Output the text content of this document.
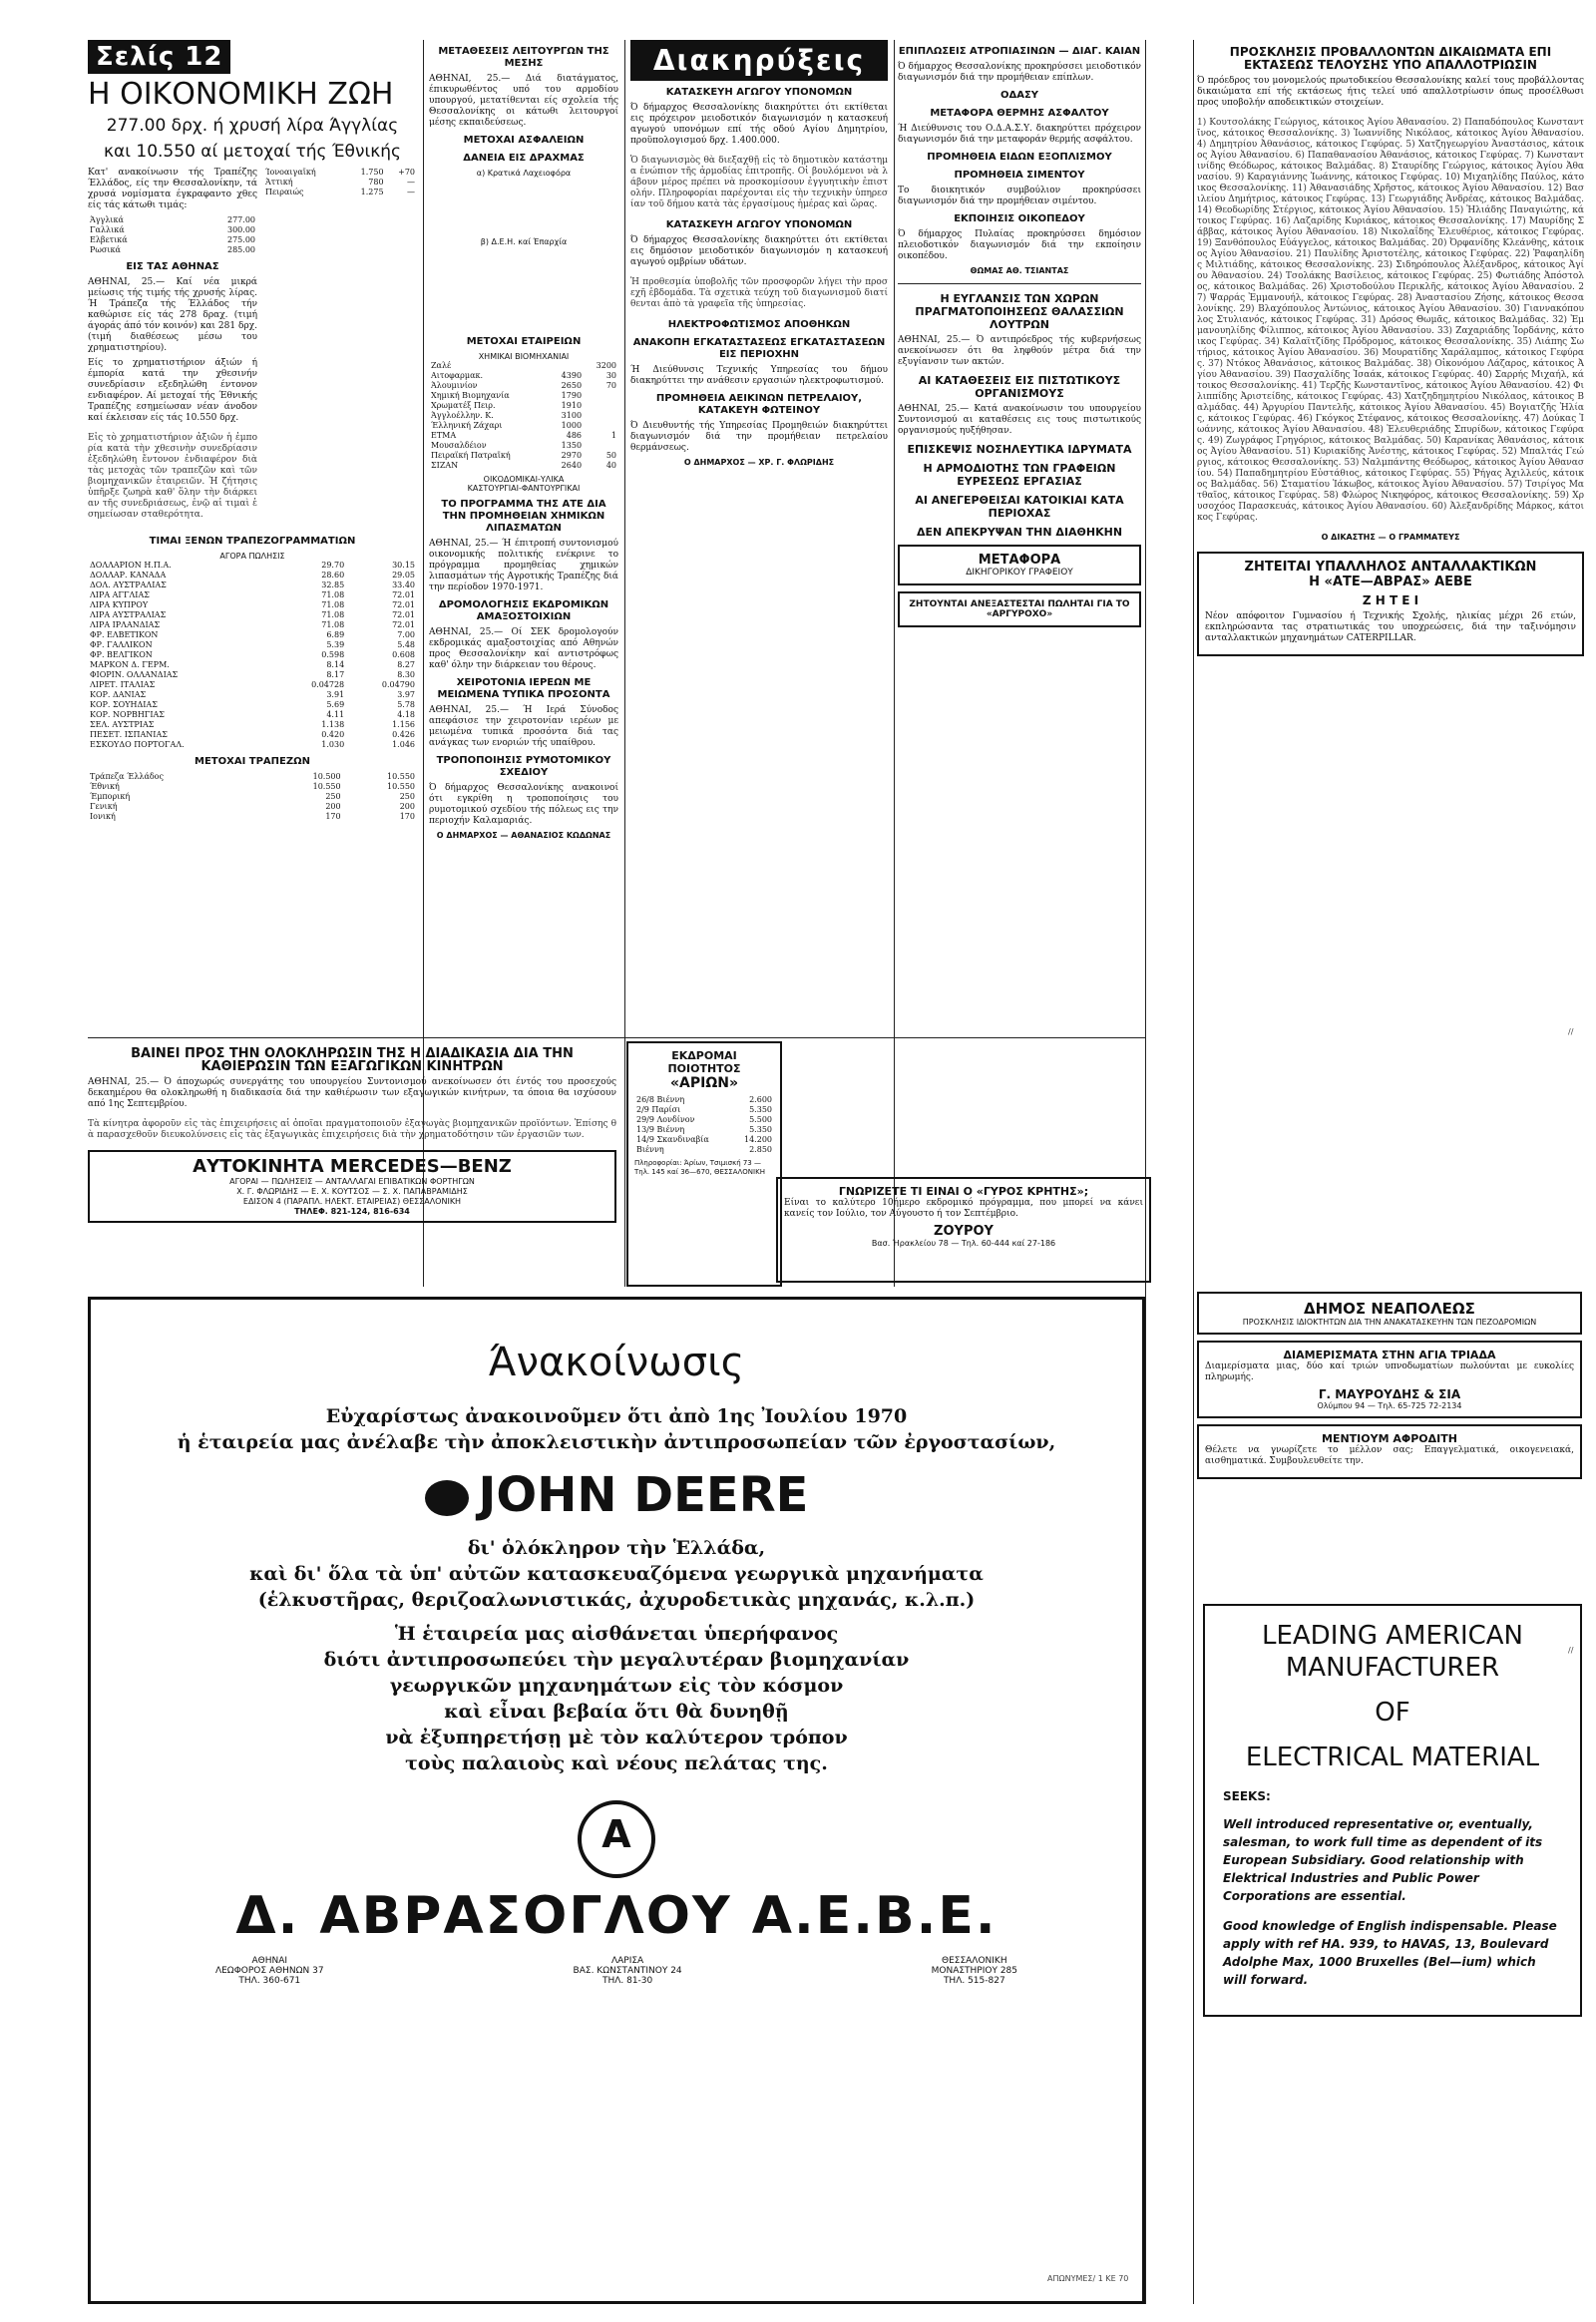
Σελίς 12
Η ΟΙΚΟΝΟΜΙΚΗ ΖΩΗ
277.00 δρχ. ή χρυσή λίρα Άγγλίας
και 10.550 αί μετοχαί τής Έθνικής

Κατ' ανακοίνωσιν τής Τραπέζης Έλλάδος, είς την Θεσσαλονίκην, τά χρυσά νομίσματα έγκραφαντο χθες είς τάς κάτωθι τιμάς:

Άγγλικά	277.00
Γαλλικά	300.00
Ελβετικά	275.00
Ρωσικά	285.00
ΕΙΣ ΤΑΣ ΑΘΗΝΑΣ

ΑΘΗΝΑΙ, 25.— Καί νέα μικρά μείωσις τής τιμής τής χρυσής λίρας. Ή Τράπεζα τής Έλλάδος τήν καθώρισε είς τάς 278 δραχ. (τιμή άγοράς άπό τόν κοινόν) και 281 δρχ. (τιμή διαθέσεως μέσω του χρηματιστηρίου).

Είς το χρηματιστήριον άξιών ή έμπορία κατά την χθεσινήν συνεδρίασιν εξεδηλώθη έντονον ενδιαφέρον. Αί μετοχαί τής Έθνικής Τραπέζης εσημείωσαν νέαν άνοδον καί έκλεισαν είς τάς 10.550 δρχ.

Εἰς τὸ χρηματιστήριον ἀξιῶν ἡ ἐμπορία κατὰ τὴν χθεσινὴν συνεδρίασιν ἐξεδηλώθη ἔντονον ἐνδιαφέρον διὰ τὰς μετοχὰς τῶν τραπεζῶν καὶ τῶν βιομηχανικῶν ἑταιρειῶν. Ἡ ζήτησις ὑπῆρξε ζωηρὰ καθ' ὅλην τὴν διάρκειαν τῆς συνεδριάσεως, ἐνῷ αἱ τιμαὶ ἐσημείωσαν σταθερότητα.

Ίονοαιγαϊκή	1.750	+70
Άττική	780	—
Πειραιώς	1.275	—
ΤΙΜΑΙ ΞΕΝΩΝ ΤΡΑΠΕΖΟΓΡΑΜΜΑΤΙΩΝ
ΑΓΟΡΑ ΠΩΛΗΣΙΣ
ΔΟΛΛΑΡΙΟΝ Η.Π.Α.	29.70	30.15
ΔΟΛΛΑΡ. ΚΑΝΑΔΑ	28.60	29.05
ΔΟΛ. ΑΥΣΤΡΑΛΙΑΣ	32.85	33.40
ΛΙΡΑ ΑΓΓΛΙΑΣ	71.08	72.01
ΛΙΡΑ ΚΥΠΡΟΥ	71.08	72.01
ΛΙΡΑ ΑΥΣΤΡΑΛΙΑΣ	71.08	72.01
ΛΙΡΑ ΙΡΛΑΝΔΙΑΣ	71.08	72.01
ΦΡ. ΕΛΒΕΤΙΚΟΝ	6.89	7.00
ΦΡ. ΓΑΛΛΙΚΟΝ	5.39	5.48
ΦΡ. ΒΕΛΓΙΚΟΝ	0.598	0.608
ΜΑΡΚΟΝ Δ. ΓΕΡΜ.	8.14	8.27
ΦΙΟΡΙΝ. ΟΛΛΑΝΔΙΑΣ	8.17	8.30
ΛΙΡΕΤ. ΙΤΑΛΙΑΣ	0.04728	0.04790
ΚΟΡ. ΔΑΝΙΑΣ	3.91	3.97
ΚΟΡ. ΣΟΥΗΔΙΑΣ	5.69	5.78
ΚΟΡ. ΝΟΡΒΗΓΙΑΣ	4.11	4.18
ΣΕΛ. ΑΥΣΤΡΙΑΣ	1.138	1.156
ΠΕΣΕΤ. ΙΣΠΑΝΙΑΣ	0.420	0.426
ΕΣΚΟΥΔΟ ΠΟΡΤΟΓΑΛ.	1.030	1.046
ΜΕΤΟΧΑΙ ΤΡΑΠΕΖΩΝ
Τράπεζα Έλλάδος	10.500	10.550
Έθνική	10.550	10.550
Έμπορική	250	250
Γενική	200	200
Ιονική	170	170
ΜΕΤΑΘΕΣΕΙΣ ΛΕΙΤΟΥΡΓΩΝ ΤΗΣ ΜΕΣΗΣ

ΑΘΗΝΑΙ, 25.— Διά διατάγματος, έπικυρωθέντος υπό του αρμοδίου υπουργού, μετατίθενται είς σχολεία τής Θεσσαλονίκης οι κάτωθι λειτουργοί μέσης εκπαιδεύσεως.

ΜΕΤΟΧΑΙ ΑΣΦΑΛΕΙΩΝ
ΔΑΝΕΙΑ ΕΙΣ ΔΡΑΧΜΑΣ
α) Κρατικά Λαχειοφόρα
β) Δ.Ε.Η. καί Έπαρχία
ΜΕΤΟΧΑΙ ΕΤΑΙΡΕΙΩΝ
ΧΗΜΙΚΑΙ ΒΙΟΜΗΧΑΝΙΑΙ
Ζαλέ		3200
Αιτοφαρμακ.	4390	30
Άλουμινίον	2650	70
Χημική Βιομηχανία	1790	
Χρωματέξ Πειρ.	1910	
Άγγλοέλλην. Κ.	3100	
Έλληνική Ζάχαρι	1000	
ΕΤΜΑ	486	1
Μουσαλδέιον	1350	
Πειραϊκή Πατραϊκή	2970	50
ΣΙΖΑΝ	2640	40
ΟΙΚΟΔΟΜΙΚΑΙ-ΥΛΙΚΑ
ΚΑΣΤΟΥΡΓΙΑΙ-ΦΑΝΤΟΥΡΓΙΚΑΙ
ΤΟ ΠΡΟΓΡΑΜΜΑ ΤΗΣ ΑΤΕ ΔΙΑ ΤΗΝ ΠΡΟΜΗΘΕΙΑΝ ΧΗΜΙΚΩΝ ΛΙΠΑΣΜΑΤΩΝ

ΑΘΗΝΑΙ, 25.— Ή έπιτροπή συντονισμού οικονομικής πολιτικής ενέκρινε το πρόγραμμα προμηθείας χημικών λιπασμάτων τής Αγροτικής Τραπέζης διά την περίοδον 1970-1971.

ΔΡΟΜΟΛΟΓΗΣΙΣ ΕΚΔΡΟΜΙΚΩΝ ΑΜΑΞΟΣΤΟΙΧΙΩΝ

ΑΘΗΝΑΙ, 25.— Οί ΣΕΚ δρομολογούν εκδρομικάς αμαξοστοιχίας από Αθηνών προς Θεσσαλονίκην καί αντιστρόφως καθ' όλην την διάρκειαν του θέρους.

ΧΕΙΡΟΤΟΝΙΑ ΙΕΡΕΩΝ ΜΕ ΜΕΙΩΜΕΝΑ ΤΥΠΙΚΑ ΠΡΟΣΟΝΤΑ

ΑΘΗΝΑΙ, 25.— Ή Ιερά Σύνοδος απεφάσισε την χειροτονίαν ιερέων με μειωμένα τυπικά προσόντα διά τας ανάγκας των ενοριών τής υπαίθρου.

ΤΡΟΠΟΠΟΙΗΣΙΣ ΡΥΜΟΤΟΜΙΚΟΥ ΣΧΕΔΙΟΥ

Ό δήμαρχος Θεσσαλονίκης ανακοινοί ότι εγκρίθη η τροποποίησις του ρυμοτομικού σχεδίου τής πόλεως εις την περιοχήν Καλαμαριάς.

Ο ΔΗΜΑΡΧΟΣ — ΑΘΑΝΑΣΙΟΣ ΚΩΔΩΝΑΣ
Διακηρύξεις
ΚΑΤΑΣΚΕΥΗ ΑΓΩΓΟΥ ΥΠΟΝΟΜΩΝ

Ό δήμαρχος Θεσσαλονίκης διακηρύττει ότι εκτίθεται εις πρόχειρον μειοδοτικόν διαγωνισμόν η κατασκευή αγωγού υπονόμων επί τής οδού Αγίου Δημητρίου, προϋπολογισμού δρχ. 1.400.000.

Ὁ διαγωνισμὸς θὰ διεξαχθῇ εἰς τὸ δημοτικὸν κατάστημα ἐνώπιον τῆς ἁρμοδίας ἐπιτροπῆς. Οἱ βουλόμενοι νὰ λάβουν μέρος πρέπει νὰ προσκομίσουν ἐγγυητικὴν ἐπιστολήν. Πληροφορίαι παρέχονται εἰς τὴν τεχνικὴν ὑπηρεσίαν τοῦ δήμου κατὰ τὰς ἐργασίμους ἡμέρας καὶ ὥρας.

ΚΑΤΑΣΚΕΥΗ ΑΓΩΓΟΥ ΥΠΟΝΟΜΩΝ

Ό δήμαρχος Θεσσαλονίκης διακηρύττει ότι εκτίθεται εις δημόσιον μειοδοτικόν διαγωνισμόν η κατασκευή αγωγού ομβρίων υδάτων.

Ἡ προθεσμία ὑποβολῆς τῶν προσφορῶν λήγει τὴν προσεχῆ ἑβδομάδα. Τὰ σχετικὰ τεύχη τοῦ διαγωνισμοῦ διατίθενται ἀπὸ τὰ γραφεῖα τῆς ὑπηρεσίας.

ΗΛΕΚΤΡΟΦΩΤΙΣΜΟΣ ΑΠΟΘΗΚΩΝ
ΑΝΑΚΟΠΗ ΕΓΚΑΤΑΣΤΑΣΕΩΣ ΕΓΚΑΤΑΣΤΑΣΕΩΝ ΕΙΣ ΠΕΡΙΟΧΗΝ

Ή Διεύθυνσις Τεχνικής Υπηρεσίας του δήμου διακηρύττει την ανάθεσιν εργασιών ηλεκτροφωτισμού.

ΠΡΟΜΗΘΕΙΑ ΑΕΙΚΙΝΩΝ ΠΕΤΡΕΛΑΙΟΥ, ΚΑΤΑΚΕΥΗ ΦΩΤΕΙΝΟΥ

Ό Διευθυντής τής Υπηρεσίας Προμηθειών διακηρύττει διαγωνισμόν διά την προμήθειαν πετρελαίου θερμάνσεως.

Ο ΔΗΜΑΡΧΟΣ — ΧΡ. Γ. ΦΛΩΡΙΔΗΣ
ΕΠΙΠΛΩΣΕΙΣ ΑΤΡΟΠΙΑΣΙΝΩΝ — ΔΙΑΓ. ΚΑΙΑΝ

Ό δήμαρχος Θεσσαλονίκης προκηρύσσει μειοδοτικόν διαγωνισμόν διά την προμήθειαν επίπλων.

ΟΔΑΣΥ
ΜΕΤΑΦΟΡΑ ΘΕΡΜΗΣ ΑΣΦΑΛΤΟΥ

Ή Διεύθυνσις του Ο.Δ.Α.Σ.Υ. διακηρύττει πρόχειρον διαγωνισμόν διά την μεταφοράν θερμής ασφάλτου.

ΠΡΟΜΗΘΕΙΑ ΕΙΔΩΝ ΕΞΟΠΛΙΣΜΟΥ
ΠΡΟΜΗΘΕΙΑ ΣΙΜΕΝΤΟΥ

Το διοικητικόν συμβούλιον προκηρύσσει διαγωνισμόν διά την προμήθειαν σιμέντου.

ΕΚΠΟΙΗΣΙΣ ΟΙΚΟΠΕΔΟΥ

Ό δήμαρχος Πυλαίας προκηρύσσει δημόσιον πλειοδοτικόν διαγωνισμόν διά την εκποίησιν οικοπέδου.

ΘΩΜΑΣ ΑΘ. ΤΣΙΑΝΤΑΣ
Η ΕΥΓΛΑΝΣΙΣ ΤΩΝ ΧΩΡΩΝ ΠΡΑΓΜΑΤΟΠΟΙΗΣΕΩΣ ΘΑΛΑΣΣΙΩΝ ΛΟΥΤΡΩΝ

ΑΘΗΝΑΙ, 25.— Ό αντιπρόεδρος τής κυβερνήσεως ανεκοίνωσεν ότι θα ληφθούν μέτρα διά την εξυγίανσιν των ακτών.

ΑΙ ΚΑΤΑΘΕΣΕΙΣ ΕΙΣ ΠΙΣΤΩΤΙΚΟΥΣ ΟΡΓΑΝΙΣΜΟΥΣ

ΑΘΗΝΑΙ, 25.— Κατά ανακοίνωσιν του υπουργείου Συντονισμού αι καταθέσεις εις τους πιστωτικούς οργανισμούς ηυξήθησαν.

ΕΠΙΣΚΕΨΙΣ ΝΟΣΗΛΕΥΤΙΚΑ ΙΔΡΥΜΑΤΑ
Η ΑΡΜΟΔΙΟΤΗΣ ΤΩΝ ΓΡΑΦΕΙΩΝ ΕΥΡΕΣΕΩΣ ΕΡΓΑΣΙΑΣ
ΑΙ ΑΝΕΓΕΡΘΕΙΣΑΙ ΚΑΤΟΙΚΙΑΙ ΚΑΤΑ ΠΕΡΙΟΧΑΣ
ΔΕΝ ΑΠΕΚΡΥΨΑΝ ΤΗΝ ΔΙΑΘΗΚΗΝ
ΜΕΤΑΦΟΡΑ
ΔΙΚΗΓΟΡΙΚΟΥ ΓΡΑΦΕΙΟΥ
ΖΗΤΟΥΝΤΑΙ ΑΝΕΞΑΣΤΕΣΤΑΙ ΠΩΛΗΤΑΙ ΓΙΑ ΤΟ «ΑΡΓΥΡΟΧΟ»
ΠΡΟΣΚΛΗΣΙΣ ΠΡΟΒΑΛΛΟΝΤΩΝ ΔΙΚΑΙΩΜΑΤΑ ΕΠΙ ΕΚΤΑΣΕΩΣ ΤΕΛΟΥΣΗΣ ΥΠΟ ΑΠΑΛΛΟΤΡΙΩΣΙΝ

Ό πρόεδρος του μονομελούς πρωτοδικείου Θεσσαλονίκης καλεί τους προβάλλοντας δικαιώματα επί τής εκτάσεως ήτις τελεί υπό απαλλοτρίωσιν όπως προσέλθωσι προς υποβολήν αποδεικτικών στοιχείων.

1) Κουτσολάκης Γεώργιος, κάτοικος Ἀγίου Ἀθανασίου. 2) Παπαδόπουλος Κωνσταντῖνος, κάτοικος Θεσσαλονίκης. 3) Ἰωαννίδης Νικόλαος, κάτοικος Ἀγίου Ἀθανασίου. 4) Δημητρίου Ἀθανάσιος, κάτοικος Γεφύρας. 5) Χατζηγεωργίου Ἀναστάσιος, κάτοικος Ἀγίου Ἀθανασίου. 6) Παπαθανασίου Ἀθανάσιος, κάτοικος Γεφύρας. 7) Κωνσταντινίδης Θεόδωρος, κάτοικος Βαλμάδας. 8) Σταυρίδης Γεώργιος, κάτοικος Ἀγίου Ἀθανασίου. 9) Καραγιάννης Ἰωάννης, κάτοικος Γεφύρας. 10) Μιχαηλίδης Παύλος, κάτοικος Θεσσαλονίκης. 11) Ἀθανασιάδης Χρῆστος, κάτοικος Ἀγίου Ἀθανασίου. 12) Βασιλείου Δημήτριος, κάτοικος Γεφύρας. 13) Γεωργιάδης Ἀνδρέας, κάτοικος Βαλμάδας. 14) Θεοδωρίδης Στέργιος, κάτοικος Ἀγίου Ἀθανασίου. 15) Ἠλιάδης Παναγιώτης, κάτοικος Γεφύρας. 16) Λαζαρίδης Κυριάκος, κάτοικος Θεσσαλονίκης. 17) Μαυρίδης Σάββας, κάτοικος Ἀγίου Ἀθανασίου. 18) Νικολαΐδης Ἐλευθέριος, κάτοικος Γεφύρας. 19) Ξανθόπουλος Εὐάγγελος, κάτοικος Βαλμάδας. 20) Ὀρφανίδης Κλεάνθης, κάτοικος Ἀγίου Ἀθανασίου. 21) Παυλίδης Ἀριστοτέλης, κάτοικος Γεφύρας. 22) Ῥαφαηλίδης Μιλτιάδης, κάτοικος Θεσσαλονίκης. 23) Σιδηρόπουλος Ἀλέξανδρος, κάτοικος Ἀγίου Ἀθανασίου. 24) Τσολάκης Βασίλειος, κάτοικος Γεφύρας. 25) Φωτιάδης Ἀπόστολος, κάτοικος Βαλμάδας. 26) Χριστοδούλου Περικλῆς, κάτοικος Ἀγίου Ἀθανασίου. 27) Ψαρράς Ἐμμανουήλ, κάτοικος Γεφύρας. 28) Ἀναστασίου Ζήσης, κάτοικος Θεσσαλονίκης. 29) Βλαχόπουλος Ἀντώνιος, κάτοικος Ἀγίου Ἀθανασίου. 30) Γιαννακόπουλος Στυλιανός, κάτοικος Γεφύρας. 31) Δρόσος Θωμᾶς, κάτοικος Βαλμάδας. 32) Ἐμμανουηλίδης Φίλιππος, κάτοικος Ἀγίου Ἀθανασίου. 33) Ζαχαριάδης Ἰορδάνης, κάτοικος Γεφύρας. 34) Καλαϊτζίδης Πρόδρομος, κάτοικος Θεσσαλονίκης. 35) Λιάπης Σωτήριος, κάτοικος Ἀγίου Ἀθανασίου. 36) Μουρατίδης Χαράλαμπος, κάτοικος Γεφύρας. 37) Ντόκος Ἀθανάσιος, κάτοικος Βαλμάδας. 38) Οἰκονόμου Λάζαρος, κάτοικος Ἀγίου Ἀθανασίου. 39) Πασχαλίδης Ἰσαάκ, κάτοικος Γεφύρας. 40) Σαρρής Μιχαήλ, κάτοικος Θεσσαλονίκης. 41) Τερζῆς Κωνσταντῖνος, κάτοικος Ἀγίου Ἀθανασίου. 42) Φιλιππίδης Ἀριστείδης, κάτοικος Γεφύρας. 43) Χατζηδημητρίου Νικόλαος, κάτοικος Βαλμάδας. 44) Ἀργυρίου Παντελῆς, κάτοικος Ἀγίου Ἀθανασίου. 45) Βογιατζῆς Ἡλίας, κάτοικος Γεφύρας. 46) Γκόγκος Στέφανος, κάτοικος Θεσσαλονίκης. 47) Δούκας Ἰωάννης, κάτοικος Ἀγίου Ἀθανασίου. 48) Ἐλευθεριάδης Σπυρίδων, κάτοικος Γεφύρας. 49) Ζωγράφος Γρηγόριος, κάτοικος Βαλμάδας. 50) Καρανίκας Ἀθανάσιος, κάτοικος Ἀγίου Ἀθανασίου. 51) Κυριακίδης Ἀνέστης, κάτοικος Γεφύρας. 52) Μπαλτάς Γεώργιος, κάτοικος Θεσσαλονίκης. 53) Ναλμπάντης Θεόδωρος, κάτοικος Ἀγίου Ἀθανασίου. 54) Παπαδημητρίου Εὐστάθιος, κάτοικος Γεφύρας. 55) Ῥήγας Ἀχιλλεύς, κάτοικος Βαλμάδας. 56) Σταματίου Ἰάκωβος, κάτοικος Ἀγίου Ἀθανασίου. 57) Τσιρίγος Ματθαῖος, κάτοικος Γεφύρας. 58) Φλώρος Νικηφόρος, κάτοικος Θεσσαλονίκης. 59) Χρυσοχόος Παρασκευάς, κάτοικος Ἀγίου Ἀθανασίου. 60) Ἀλεξανδρίδης Μάρκος, κάτοικος Γεφύρας.

Ο ΔΙΚΑΣΤΗΣ — Ο ΓΡΑΜΜΑΤΕΥΣ
ΖΗΤΕΙΤΑΙ ΥΠΑΛΛΗΛΟΣ ΑΝΤΑΛΛΑΚΤΙΚΩΝ
Η «ΑΤΕ—ΑΒΡΑΣ» ΑΕΒΕ
Ζ Η Τ Ε Ι

Νέον απόφοιτον Γυμνασίου ή Τεχνικής Σχολής, ηλικίας μέχρι 26 ετών, εκπληρώσαντα τας στρατιωτικάς του υποχρεώσεις, διά την ταξινόμησιν ανταλλακτικών μηχανημάτων CATERPILLAR.

ΒΑΙΝΕΙ ΠΡΟΣ ΤΗΝ ΟΛΟΚΛΗΡΩΣΙΝ ΤΗΣ Η ΔΙΑΔΙΚΑΣΙΑ ΔΙΑ ΤΗΝ ΚΑΘΙΕΡΩΣΙΝ ΤΩΝ ΕΞΑΓΩΓΙΚΩΝ ΚΙΝΗΤΡΩΝ

ΑΘΗΝΑΙ, 25.— Ό άποχωρώς συνεργάτης του υπουργείου Συντονισμού ανεκοίνωσεν ότι έντός του προσεχούς δεκαημέρου θα ολοκληρωθή η διαδικασία διά την καθιέρωσιν των εξαγωγικών κινήτρων, τα όποια θα ισχύσουν από 1ης Σεπτεμβρίου.

Τὰ κίνητρα ἀφοροῦν εἰς τὰς ἐπιχειρήσεις αἱ ὁποῖαι πραγματοποιοῦν ἐξαγωγὰς βιομηχανικῶν προϊόντων. Ἐπίσης θὰ παρασχεθοῦν διευκολύνσεις εἰς τὰς ἐξαγωγικὰς ἐπιχειρήσεις διὰ τὴν χρηματοδότησιν τῶν ἐργασιῶν των.

ΑΥΤΟΚΙΝΗΤΑ MERCEDES—BENZ
ΑΓΟΡΑΙ — ΠΩΛΗΣΕΙΣ — ΑΝΤΑΛΛΑΓΑΙ ΕΠΙΒΑΤΙΚΩΝ ΦΟΡΤΗΓΩΝ
Χ. Γ. ΦΛΩΡΙΔΗΣ — Ε. Χ. ΚΟΥΤΣΟΣ — Σ. Χ. ΠΑΠΑΒΡΑΜΙΔΗΣ
ΕΔΙΣΟΝ 4 (ΠΑΡΑΠΛ. ΗΛΕΚΤ. ΕΤΑΙΡΕΙΑΣ) ΘΕΣΣΑΛΟΝΙΚΗ
ΤΗΛΕΦ. 821-124, 816-634
ΕΚΔΡΟΜΑΙ ΠΟΙΟΤΗΤΟΣ
«ΑΡΙΩΝ»
26/8 Βιέννη	2.600
2/9 Παρίσι	5.350
29/9 Λονδίνον	5.500
13/9 Βιέννη	5.350
14/9 Σκανδιναβία	14.200
Βιέννη	2.850
Πληροφορίαι: Άρίων, Τσιμισκή 73 — Τηλ. 145 καί 36—670, ΘΕΣΣΑΛΟΝΙΚΗ
ΓΝΩΡΙΖΕΤΕ ΤΙ ΕΙΝΑΙ Ο «ΓΥΡΟΣ ΚΡΗΤΗΣ»;

Είναι το καλύτερο 10ήμερο εκδρομικό πρόγραμμα, που μπορεί να κάνει κανείς τον Ιούλιο, τον Αύγουστο ή τον Σεπτέμβριο.

ΖΟΥΡΟΥ
Βασ. Ήρακλείου 78 — Τηλ. 60-444 καί 27-186
Άνακοίνωσις
Εὐχαρίστως ἀνακοινοῦμεν ὅτι ἀπὸ 1ης Ἰουλίου 1970
ἡ ἑταιρεία μας ἀνέλαβε τὴν ἀποκλειστικὴν ἀντιπροσωπείαν τῶν ἐργοστασίων,
JOHN DEERE
δι' ὁλόκληρον τὴν Ἑλλάδα,
καὶ δι' ὅλα τὰ ὑπ' αὐτῶν κατασκευαζόμενα γεωργικὰ μηχανήματα
(ἑλκυστῆρας, θεριζοαλωνιστικάς, ἀχυροδετικὰς μηχανάς, κ.λ.π.)
Ἡ ἑταιρεία μας αἰσθάνεται ὑπερήφανος
διότι ἀντιπροσωπεύει τὴν μεγαλυτέραν βιομηχανίαν
γεωργικῶν μηχανημάτων εἰς τὸν κόσμον
καὶ εἶναι βεβαία ὅτι θὰ δυνηθῇ
νὰ ἐξυπηρετήσῃ μὲ τὸν καλύτερον τρόπον
τοὺς παλαιοὺς καὶ νέους πελάτας της.
A
Δ. ΑΒΡΑΣΟΓΛΟΥ Α.Ε.Β.Ε.
ΑΘΗΝΑΙ
ΛΕΩΦΟΡΟΣ ΑΘΗΝΩΝ 37
ΤΗΛ. 360-671
ΛΑΡΙΣΑ
ΒΑΣ. ΚΩΝΣΤΑΝΤΙΝΟΥ 24
ΤΗΛ. 81-30
ΘΕΣΣΑΛΟΝΙΚΗ
ΜΟΝΑΣΤΗΡΙΟΥ 285
ΤΗΛ. 515-827
LEADING AMERICAN MANUFACTURER
OF
ELECTRICAL MATERIAL
SEEKS:

Well introduced representative or, eventually, salesman, to work full time as dependent of its European Subsidiary. Good relationship with Elektrical Industries and Public Power Corporations are essential.

Good knowledge of English indispensable. Please apply with ref HA. 939, to HAVAS, 13, Boulevard Adolphe Max, 1000 Bruxelles (Bel—ium) which will forward.

ΔΗΜΟΣ ΝΕΑΠΟΛΕΩΣ
ΠΡΟΣΚΛΗΣΙΣ ΙΔΙΟΚΤΗΤΩΝ ΔΙΑ ΤΗΝ ΑΝΑΚΑΤΑΣΚΕΥΗΝ ΤΩΝ ΠΕΖΟΔΡΟΜΙΩΝ
ΔΙΑΜΕΡΙΣΜΑΤΑ ΣΤΗΝ ΑΓΙΑ ΤΡΙΑΔΑ

Διαμερίσματα μιας, δύο καί τριών υπνοδωματίων πωλούνται με ευκολίες πληρωμής.

Γ. ΜΑΥΡΟΥΔΗΣ & ΣΙΑ
Ολύμπου 94 — Τηλ. 65-725 72-2134
ΜΕΝΤΙΟΥΜ ΑΦΡΟΔΙΤΗ

Θέλετε να γνωρίζετε το μέλλον σας; Επαγγελματικά, οικογενειακά, αισθηματικά. Συμβουλευθείτε την.

//
//
ΑΠΩΝΥΜΕΣ/ 1 ΚΕ 70
